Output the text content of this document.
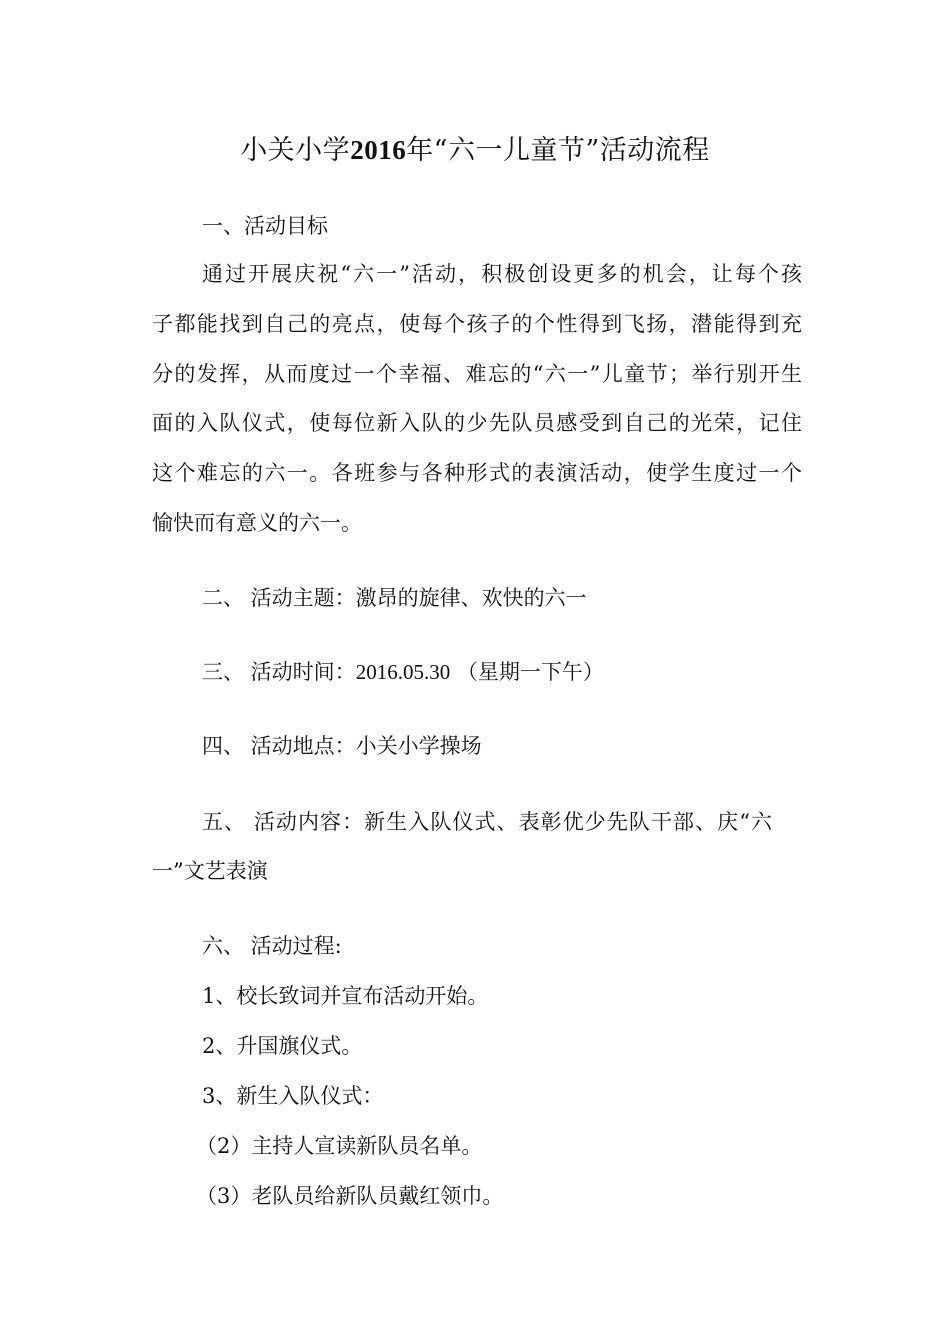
小关小学2016年“六一儿童节”活动流程
一、活动目标
通过开展庆祝“六一”活动，积极创设更多的机会，让每个孩
子都能找到自己的亮点，使每个孩子的个性得到飞扬，潜能得到充
分的发挥，从而度过一个幸福、难忘的“六一”儿童节；举行别开生
面的入队仪式，使每位新入队的少先队员感受到自己的光荣，记住
这个难忘的六一。各班参与各种形式的表演活动，使学生度过一个
愉快而有意义的六一。
二、 活动主题：激昂的旋律、欢快的六一
三、 活动时间：2016.05.30 （星期一下午）
四、 活动地点：小关小学操场
五、 活动内容：新生入队仪式、表彰优少先队干部、庆“六
一”文艺表演
六、 活动过程:
1、校长致词并宣布活动开始。
2、升国旗仪式。
3、新生入队仪式：
（2）主持人宣读新队员名单。
（3）老队员给新队员戴红领巾。
